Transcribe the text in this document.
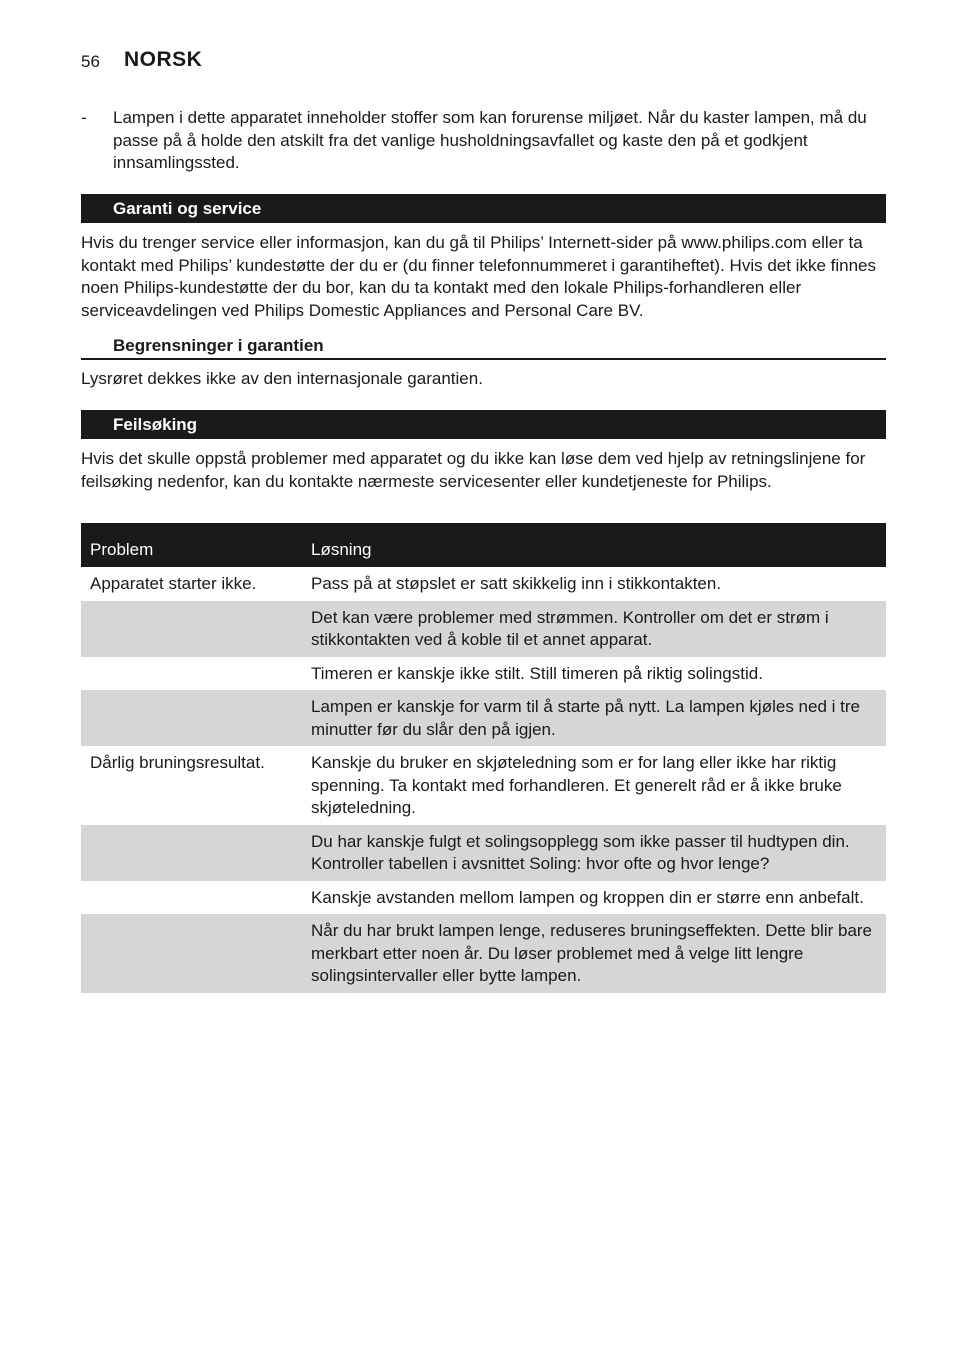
56 NORSK
- Lampen i dette apparatet inneholder stoffer som kan forurense miljøet. Når du kaster lampen, må du passe på å holde den atskilt fra det vanlige husholdningsavfallet og kaste den på et godkjent innsamlingssted.
Garanti og service
Hvis du trenger service eller informasjon, kan du gå til Philips’ Internett-sider på www.philips.com eller ta kontakt med Philips’ kundestøtte der du er (du finner telefonnummeret i garantiheftet). Hvis det ikke finnes noen Philips-kundestøtte der du bor, kan du ta kontakt med den lokale Philips-forhandleren eller serviceavdelingen ved Philips Domestic Appliances and Personal Care BV.
Begrensninger i garantien
Lysrøret dekkes ikke av den internasjonale garantien.
Feilsøking
Hvis det skulle oppstå problemer med apparatet og du ikke kan løse dem ved hjelp av retningslinjene for feilsøking nedenfor, kan du kontakte nærmeste servicesenter eller kundetjeneste for Philips.
Problem	Løsning
Apparatet starter ikke.	Pass på at støpslet er satt skikkelig inn i stikkontakten.
	Det kan være problemer med strømmen. Kontroller om det er strøm i stikkontakten ved å koble til et annet apparat.
	Timeren er kanskje ikke stilt. Still timeren på riktig solingstid.
	Lampen er kanskje for varm til å starte på nytt. La lampen kjøles ned i tre minutter før du slår den på igjen.
Dårlig bruningsresultat.	Kanskje du bruker en skjøteledning som er for lang eller ikke har riktig spenning. Ta kontakt med forhandleren. Et generelt råd er å ikke bruke skjøteledning.
	Du har kanskje fulgt et solingsopplegg som ikke passer til hudtypen din. Kontroller tabellen i avsnittet Soling: hvor ofte og hvor lenge?
	Kanskje avstanden mellom lampen og kroppen din er større enn anbefalt.
	Når du har brukt lampen lenge, reduseres bruningseffekten. Dette blir bare merkbart etter noen år. Du løser problemet med å velge litt lengre solingsintervaller eller bytte lampen.
